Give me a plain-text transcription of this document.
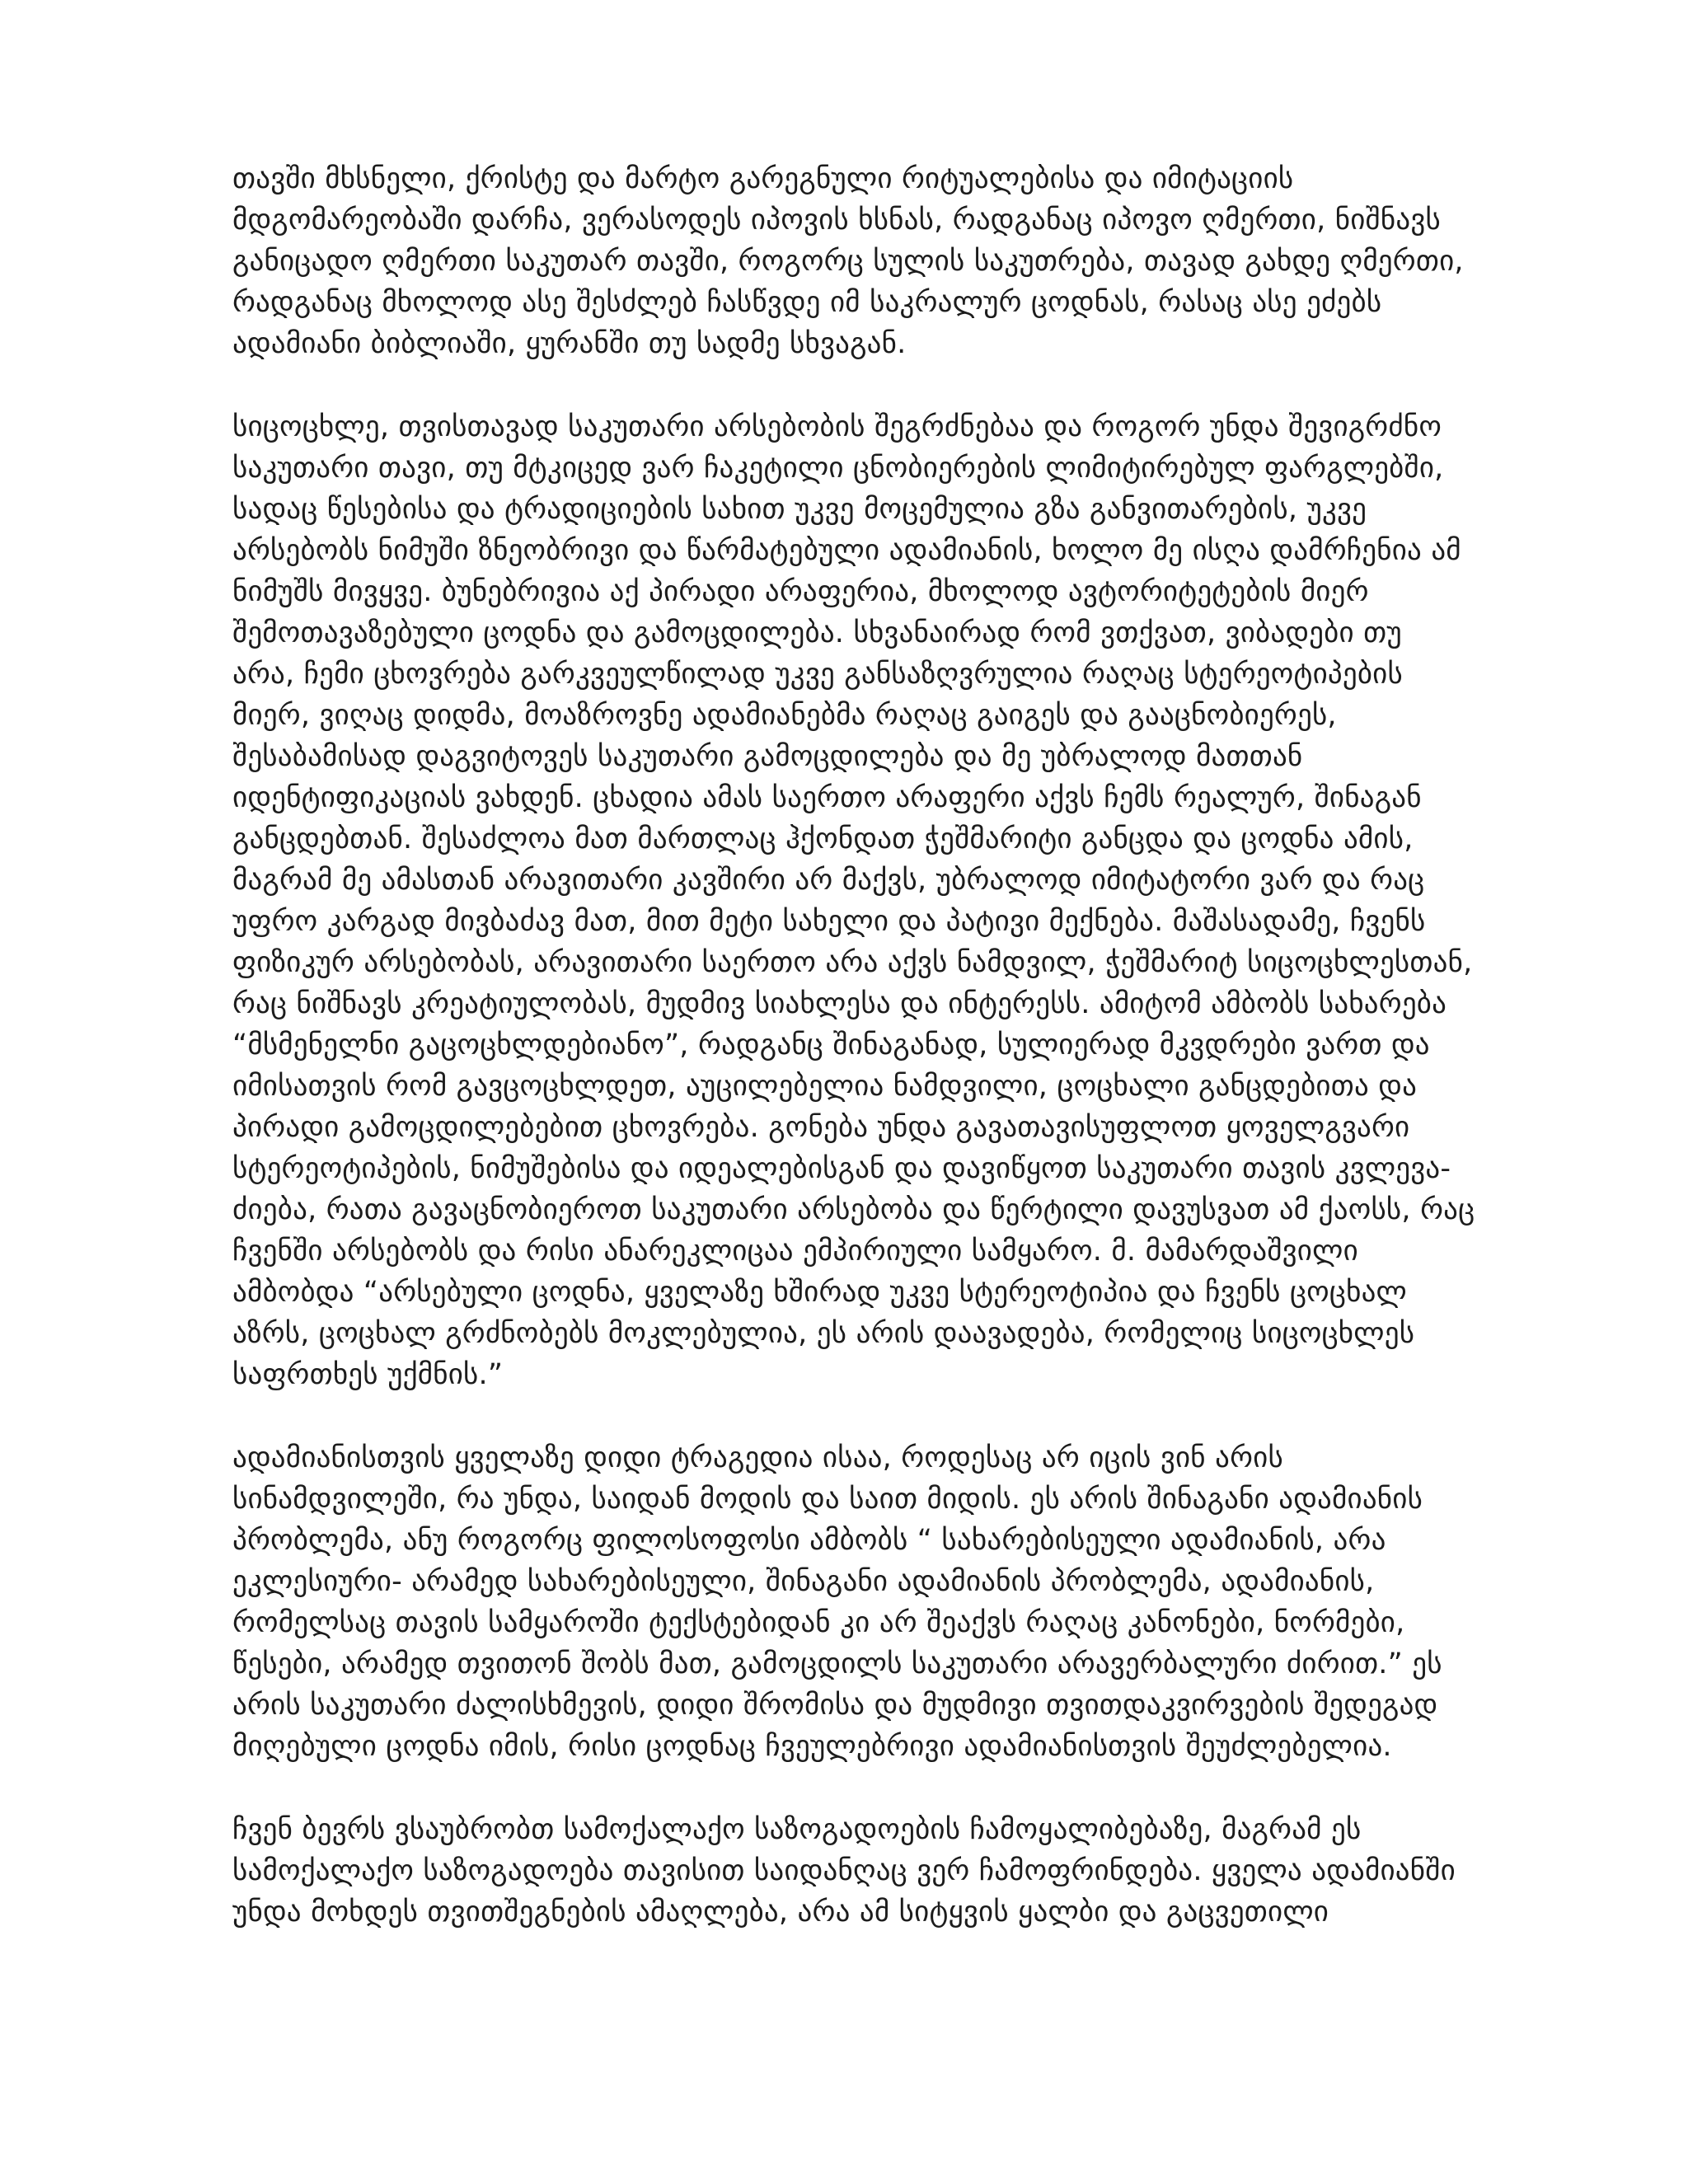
თავში მხსნელი, ქრისტე და მარტო გარეგნული რიტუალებისა და იმიტაციის
მდგომარეობაში დარჩა, ვერასოდეს იპოვის ხსნას, რადგანაც იპოვო ღმერთი, ნიშნავს
განიცადო ღმერთი საკუთარ თავში, როგორც სულის საკუთრება, თავად გახდე ღმერთი,
რადგანაც მხოლოდ ასე შესძლებ ჩასწვდე იმ საკრალურ ცოდნას, რასაც ასე ეძებს
ადამიანი ბიბლიაში, ყურანში თუ სადმე სხვაგან.
სიცოცხლე, თვისთავად საკუთარი არსებობის შეგრძნებაა და როგორ უნდა შევიგრძნო
საკუთარი თავი, თუ მტკიცედ ვარ ჩაკეტილი ცნობიერების ლიმიტირებულ ფარგლებში,
სადაც წესებისა და ტრადიციების სახით უკვე მოცემულია გზა განვითარების, უკვე
არსებობს ნიმუში ზნეობრივი და წარმატებული ადამიანის, ხოლო მე ისღა დამრჩენია ამ
ნიმუშს მივყვე. ბუნებრივია აქ პირადი არაფერია, მხოლოდ ავტორიტეტების მიერ
შემოთავაზებული ცოდნა და გამოცდილება. სხვანაირად რომ ვთქვათ, ვიბადები თუ
არა, ჩემი ცხოვრება გარკვეულწილად უკვე განსაზღვრულია რაღაც სტერეოტიპების
მიერ, ვიღაც დიდმა, მოაზროვნე ადამიანებმა რაღაც გაიგეს და გააცნობიერეს,
შესაბამისად დაგვიტოვეს საკუთარი გამოცდილება და მე უბრალოდ მათთან
იდენტიფიკაციას ვახდენ. ცხადია ამას საერთო არაფერი აქვს ჩემს რეალურ, შინაგან
განცდებთან. შესაძლოა მათ მართლაც ჰქონდათ ჭეშმარიტი განცდა და ცოდნა ამის,
მაგრამ მე ამასთან არავითარი კავშირი არ მაქვს, უბრალოდ იმიტატორი ვარ და რაც
უფრო კარგად მივბაძავ მათ, მით მეტი სახელი და პატივი მექნება. მაშასადამე, ჩვენს
ფიზიკურ არსებობას, არავითარი საერთო არა აქვს ნამდვილ, ჭეშმარიტ სიცოცხლესთან,
რაც ნიშნავს კრეატიულობას, მუდმივ სიახლესა და ინტერესს. ამიტომ ამბობს სახარება
“მსმენელნი გაცოცხლდებიანო”, რადგანც შინაგანად, სულიერად მკვდრები ვართ და
იმისათვის რომ გავცოცხლდეთ, აუცილებელია ნამდვილი, ცოცხალი განცდებითა და
პირადი გამოცდილებებით ცხოვრება. გონება უნდა გავათავისუფლოთ ყოველგვარი
სტერეოტიპების, ნიმუშებისა და იდეალებისგან და დავიწყოთ საკუთარი თავის კვლევა-
ძიება, რათა გავაცნობიეროთ საკუთარი არსებობა და წერტილი დავუსვათ ამ ქაოსს, რაც
ჩვენში არსებობს და რისი ანარეკლიცაა ემპირიული სამყარო. მ. მამარდაშვილი
ამბობდა “არსებული ცოდნა, ყველაზე ხშირად უკვე სტერეოტიპია და ჩვენს ცოცხალ
აზრს, ცოცხალ გრძნობებს მოკლებულია, ეს არის დაავადება, რომელიც სიცოცხლეს
საფრთხეს უქმნის.”
ადამიანისთვის ყველაზე დიდი ტრაგედია ისაა, როდესაც არ იცის ვინ არის
სინამდვილეში, რა უნდა, საიდან მოდის და საით მიდის. ეს არის შინაგანი ადამიანის
პრობლემა, ანუ როგორც ფილოსოფოსი ამბობს “ სახარებისეული ადამიანის, არა
ეკლესიური- არამედ სახარებისეული, შინაგანი ადამიანის პრობლემა, ადამიანის,
რომელსაც თავის სამყაროში ტექსტებიდან კი არ შეაქვს რაღაც კანონები, ნორმები,
წესები, არამედ თვითონ შობს მათ, გამოცდილს საკუთარი არავერბალური ძირით.” ეს
არის საკუთარი ძალისხმევის, დიდი შრომისა და მუდმივი თვითდაკვირვების შედეგად
მიღებული ცოდნა იმის, რისი ცოდნაც ჩვეულებრივი ადამიანისთვის შეუძლებელია.
ჩვენ ბევრს ვსაუბრობთ სამოქალაქო საზოგადოების ჩამოყალიბებაზე, მაგრამ ეს
სამოქალაქო საზოგადოება თავისით საიდანღაც ვერ ჩამოფრინდება. ყველა ადამიანში
უნდა მოხდეს თვითშეგნების ამაღლება, არა ამ სიტყვის ყალბი და გაცვეთილი
